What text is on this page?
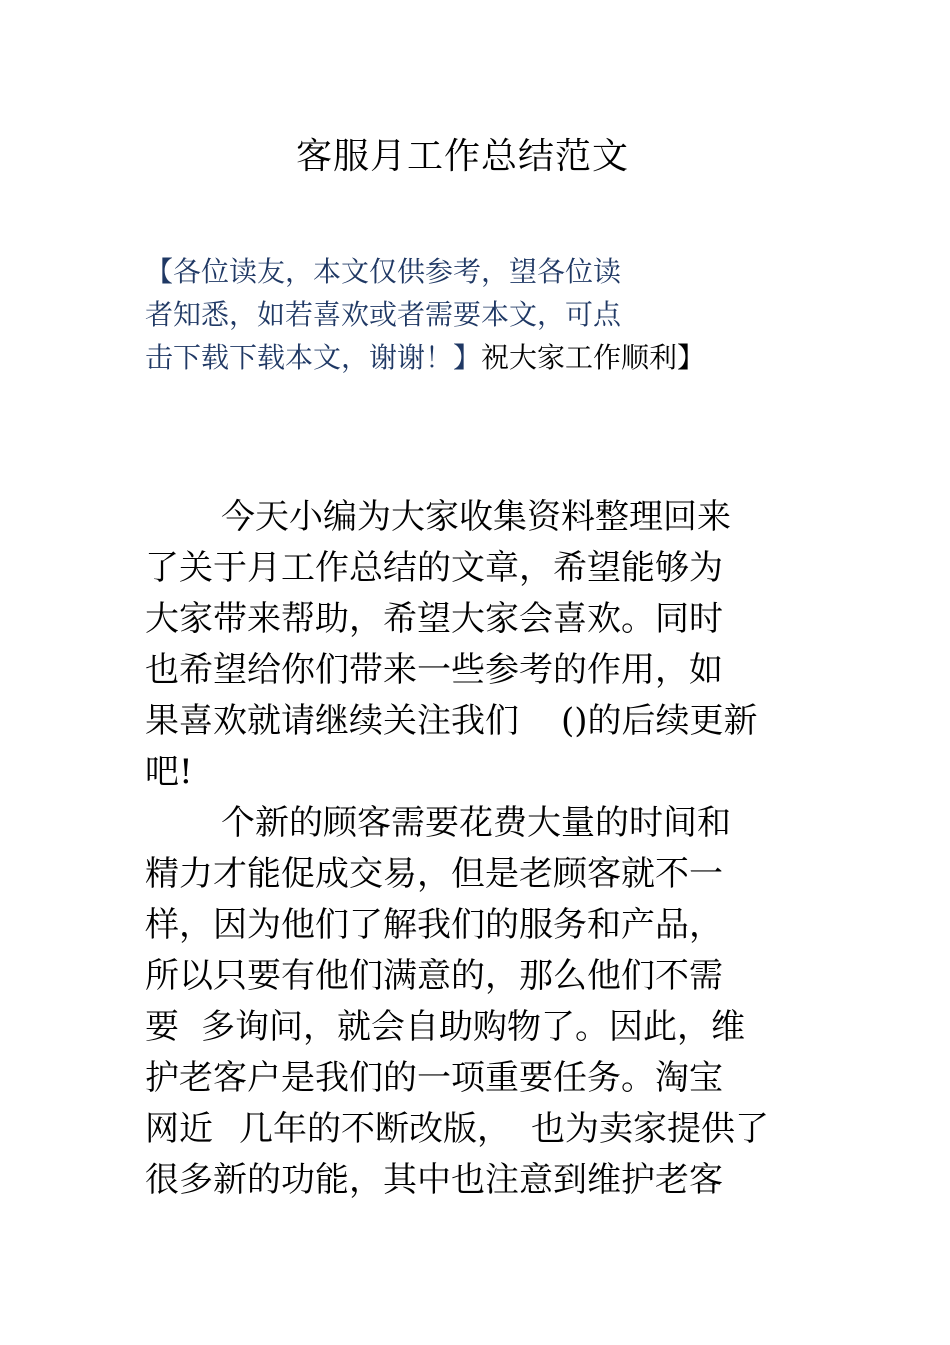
客服月工作总结范文
【各位读友，本文仅供参考，望各位读
者知悉，如若喜欢或者需要本文，可点
击下载下载本文，谢谢！】祝大家工作顺利】
今天小编为大家收集资料整理回来
了关于月工作总结的文章，希望能够为
大家带来帮助，希望大家会喜欢。同时
也希望给你们带来一些参考的作用，如
果喜欢就请继续关注我们 ()的后续更新
吧!
个新的顾客需要花费大量的时间和
精力才能促成交易，但是老顾客就不一
样，因为他们了解我们的服务和产品，
所以只要有他们满意的，那么他们不需
要 多询问，就会自助购物了。因此，维
护老客户是我们的一项重要任务。淘宝
网近 几年的不断改版， 也为卖家提供了
很多新的功能，其中也注意到维护老客
